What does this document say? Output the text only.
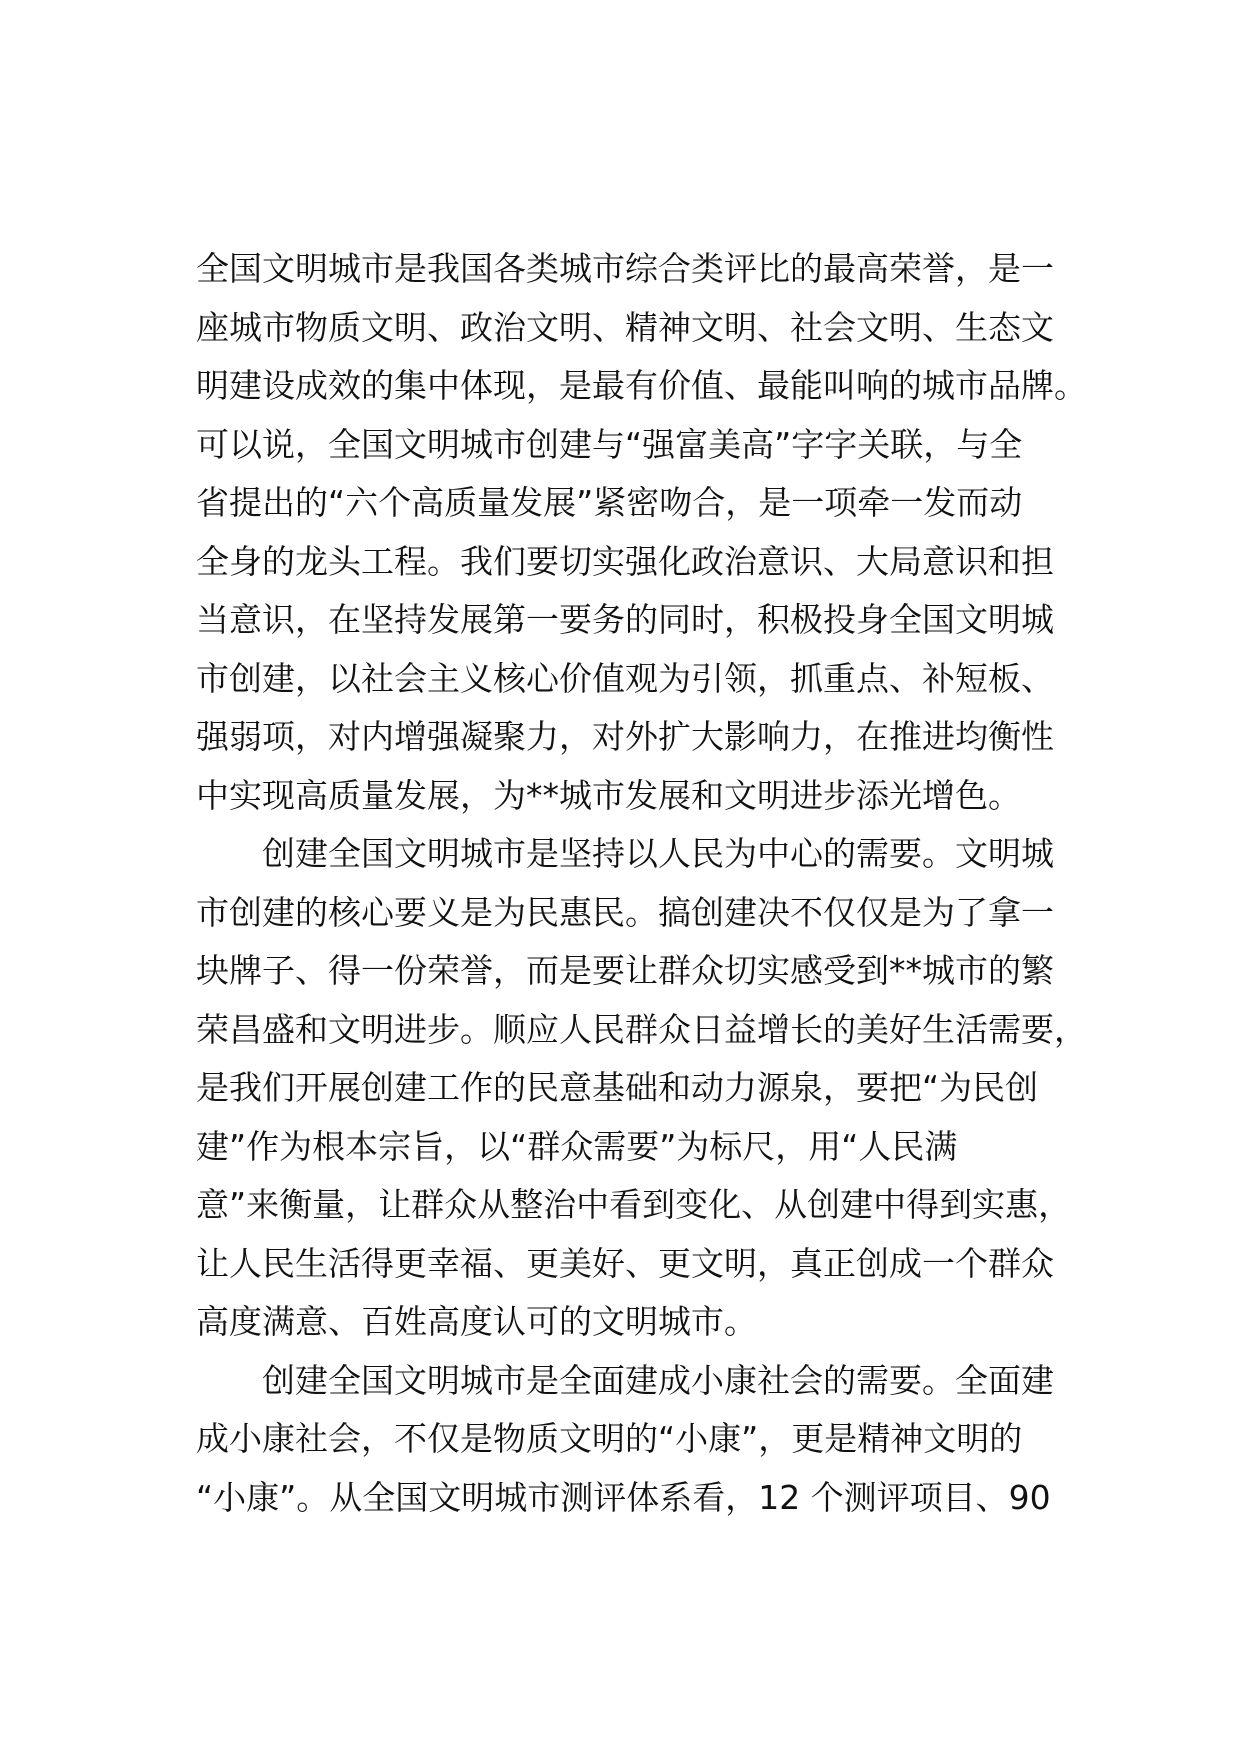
全国文明城市是我国各类城市综合类评比的最高荣誉，是一
座城市物质文明、政治文明、精神文明、社会文明、生态文
明建设成效的集中体现，是最有价值、最能叫响的城市品牌。
可以说，全国文明城市创建与“强富美高”字字关联，与全
省提出的“六个高质量发展”紧密吻合，是一项牵一发而动
全身的龙头工程。我们要切实强化政治意识、大局意识和担
当意识，在坚持发展第一要务的同时，积极投身全国文明城
市创建，以社会主义核心价值观为引领，抓重点、补短板、
强弱项，对内增强凝聚力，对外扩大影响力，在推进均衡性
中实现高质量发展，为**城市发展和文明进步添光增色。
创建全国文明城市是坚持以人民为中心的需要。文明城
市创建的核心要义是为民惠民。搞创建决不仅仅是为了拿一
块牌子、得一份荣誉，而是要让群众切实感受到**城市的繁
荣昌盛和文明进步。顺应人民群众日益增长的美好生活需要，
是我们开展创建工作的民意基础和动力源泉，要把“为民创
建”作为根本宗旨，以“群众需要”为标尺，用“人民满
意”来衡量，让群众从整治中看到变化、从创建中得到实惠，
让人民生活得更幸福、更美好、更文明，真正创成一个群众
高度满意、百姓高度认可的文明城市。
创建全国文明城市是全面建成小康社会的需要。全面建
成小康社会，不仅是物质文明的“小康”，更是精神文明的
“小康”。从全国文明城市测评体系看，12 个测评项目、90
